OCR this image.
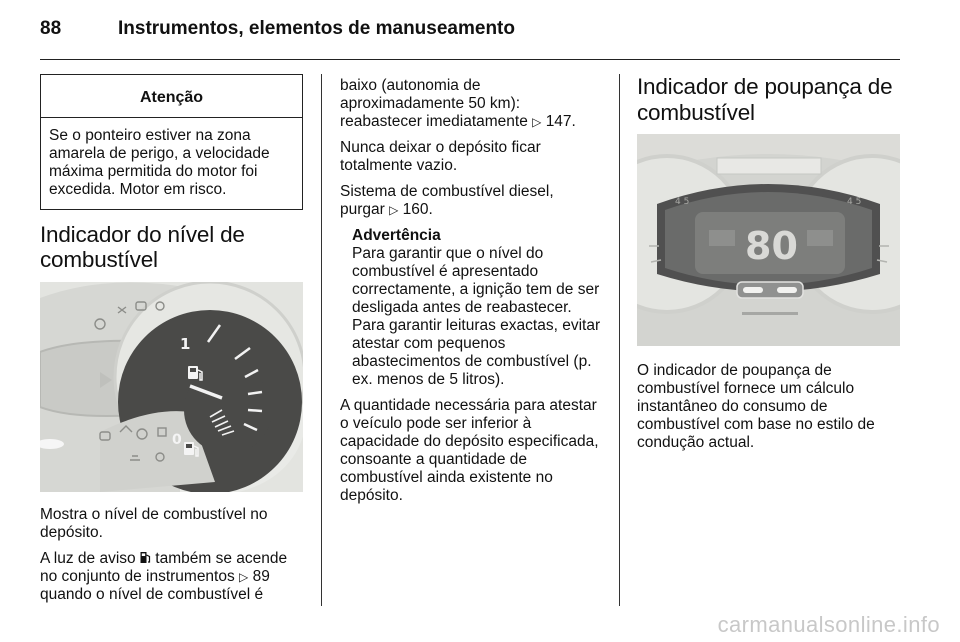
88	Instrumentos, elementos de manuseamento
Atenção
Se o ponteiro estiver na zona amarela de perigo, a velocidade máxima permitida do motor foi excedida. Motor em risco.
Indicador do nível de
combustível
1
0

Mostra o nível de combustível no depósito.

A luz de aviso também se acende no conjunto de instrumentos ▷ 89 quando o nível de combustível é

baixo (autonomia de aproximadamente 50 km): reabastecer imediatamente ▷ 147.

Nunca deixar o depósito ficar totalmente vazio.

Sistema de combustível diesel, purgar ▷ 160.

Advertência
Para garantir que o nível do combustível é apresentado correctamente, a ignição tem de ser desligada antes de reabastecer. Para garantir leituras exactas, evitar atestar com pequenos abastecimentos de combustível (p. ex. menos de 5 litros).

A quantidade necessária para atestar o veículo pode ser inferior à capacidade do depósito especificada, consoante a quantidade de combustível ainda existente no depósito.

Indicador de poupança de
combustível
80
4 5	4 5

O indicador de poupança de combustível fornece um cálculo instantâneo do consumo de combustível com base no estilo de condução actual.

carmanualsonline.info
